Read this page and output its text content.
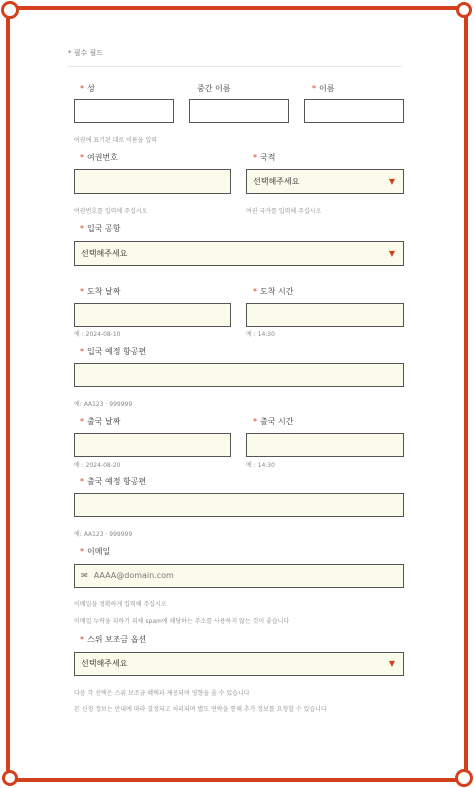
* 필수 필드
* 성	중간 이름	* 이름
여권에 표기된 대로 이름을 입력
* 여권번호	* 국적
선택해주세요	▼
여권번호를 입력해 주십시오	여권 국가를 입력해 주십시오
* 입국 공항
선택해주세요	▼
* 도착 날짜	* 도착 시간
예 : 2024-08-10	예 : 14:30
* 입국 예정 항공편
예: AA123 · 999999
* 출국 날짜	* 출국 시간
예 : 2024-08-20	예 : 14:30
* 출국 예정 항공편
예: AA123 · 999999
* 이메일
✉ AAAA@domain.com
이메일을 정확하게 입력해 주십시오
이메일 누락을 피하기 위해 spam에 해당하는 주소를 사용하지 않는 것이 좋습니다
* 스위 보조금 옵션
선택해주세요	▼
다음 각 선택은 스위 보조금 혜택과 제공되며 영향을 줄 수 있습니다
본 신청 정보는 안내에 따라 결정되고 처리되며 별도 연락을 통해 추가 정보를 요청할 수 있습니다
